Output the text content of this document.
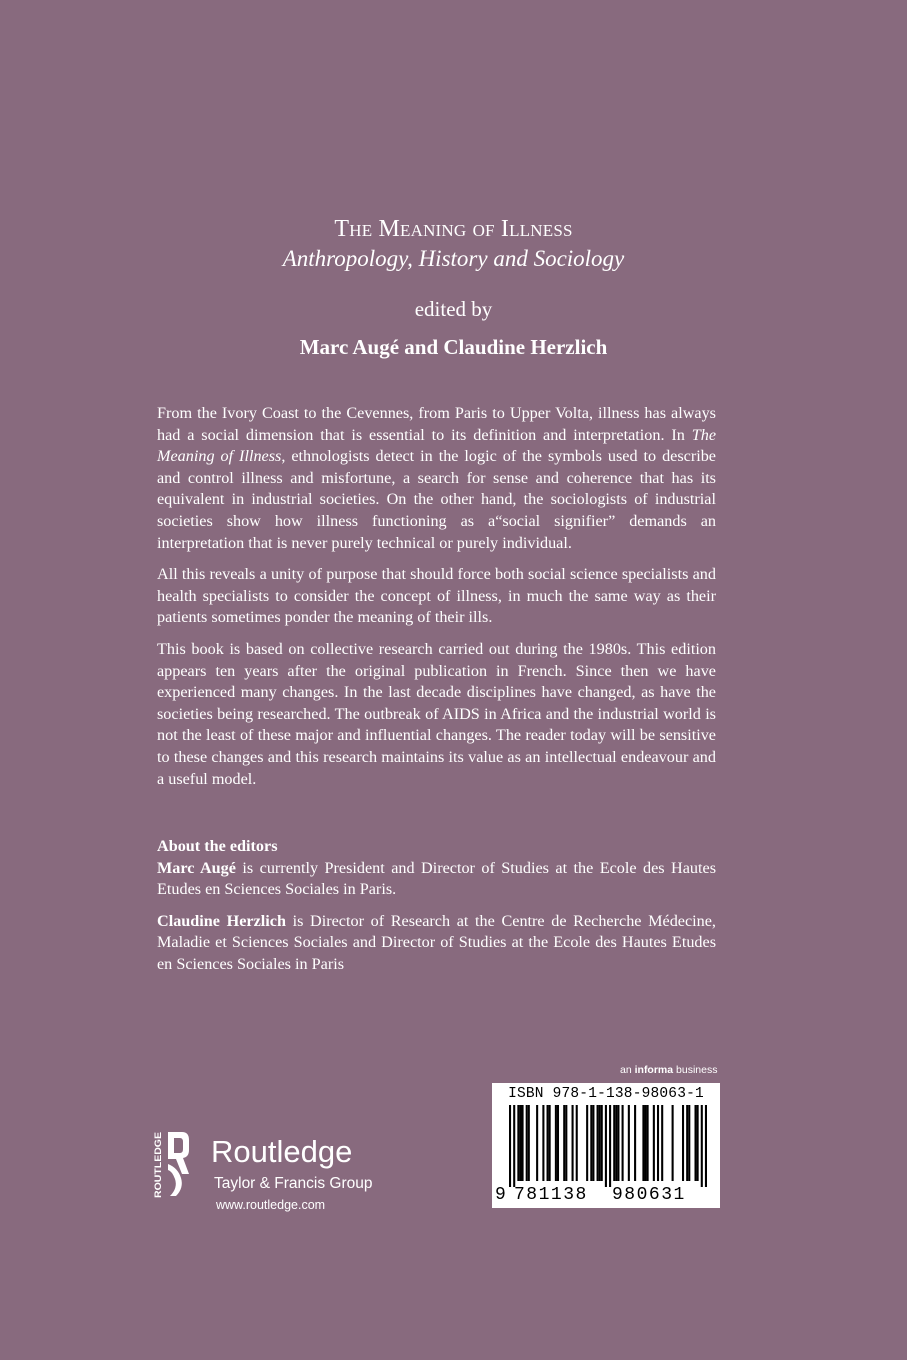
The Meaning of Illness
Anthropology, History and Sociology
edited by
Marc Augé and Claudine Herzlich

From the Ivory Coast to the Cevennes, from Paris to Upper Volta, illness has always had a social dimension that is essential to its definition and interpretation. In The Meaning of Illness, ethnologists detect in the logic of the symbols used to describe and control illness and misfortune, a search for sense and coherence that has its equivalent in industrial societies. On the other hand, the sociologists of industrial societies show how illness functioning as a“social signifier” demands an interpretation that is never purely technical or purely individual.

All this reveals a unity of purpose that should force both social science specialists and health specialists to consider the concept of illness, in much the same way as their patients sometimes ponder the meaning of their ills.

This book is based on collective research carried out during the 1980s. This edition appears ten years after the original publication in French. Since then we have experienced many changes. In the last decade disciplines have changed, as have the societies being researched. The outbreak of AIDS in Africa and the industrial world is not the least of these major and influential changes. The reader today will be sensitive to these changes and this research maintains its value as an intellectual endeavour and a useful model.

About the editors

Marc Augé is currently President and Director of Studies at the Ecole des Hautes Etudes en Sciences Sociales in Paris.

Claudine Herzlich is Director of Research at the Centre de Recherche Médecine, Maladie et Sciences Sociales and Director of Studies at the Ecole des Hautes Etudes en Sciences Sociales in Paris

ROUTLEDGE Routledge
Taylor & Francis Group
www.routledge.com
an informa business
ISBN 978-1-138-98063-1
9 781138 980631
